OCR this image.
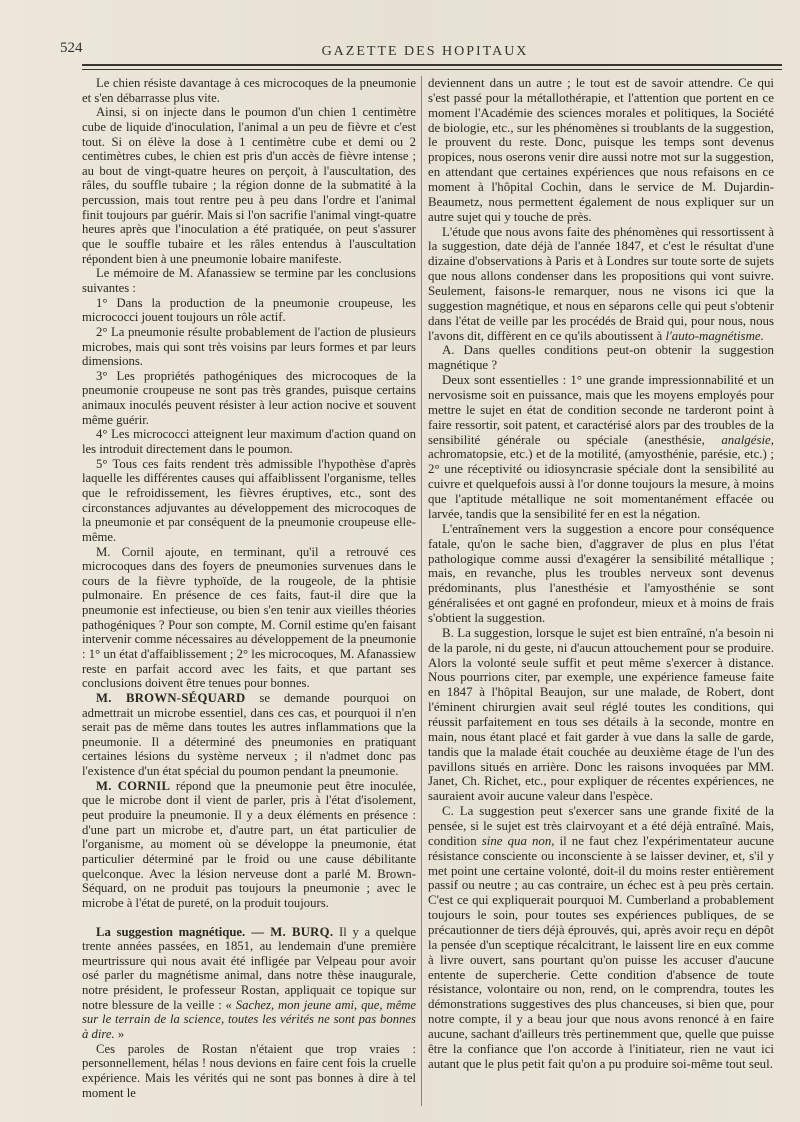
524	GAZETTE DES HOPITAUX

Le chien résiste davantage à ces microcoques de la pneumonie et s'en débarrasse plus vite.

Ainsi, si on injecte dans le poumon d'un chien 1 centimètre cube de liquide d'inoculation, l'animal a un peu de fièvre et c'est tout. Si on élève la dose à 1 centimètre cube et demi ou 2 centimètres cubes, le chien est pris d'un accès de fièvre intense ; au bout de vingt-quatre heures on perçoit, à l'auscultation, des râles, du souffle tubaire ; la région donne de la submatité à la percussion, mais tout rentre peu à peu dans l'ordre et l'animal finit toujours par guérir. Mais si l'on sacrifie l'animal vingt-quatre heures après que l'inoculation a été pratiquée, on peut s'assurer que le souffle tubaire et les râles entendus à l'auscultation répondent bien à une pneumonie lobaire manifeste.

Le mémoire de M. Afanassiew se termine par les conclusions suivantes :

1° Dans la production de la pneumonie croupeuse, les micrococci jouent toujours un rôle actif.

2° La pneumonie résulte probablement de l'action de plusieurs microbes, mais qui sont très voisins par leurs formes et par leurs dimensions.

3° Les propriétés pathogéniques des microcoques de la pneumonie croupeuse ne sont pas très grandes, puisque certains animaux inoculés peuvent résister à leur action nocive et souvent même guérir.

4° Les micrococci atteignent leur maximum d'action quand on les introduit directement dans le poumon.

5° Tous ces faits rendent très admissible l'hypothèse d'après laquelle les différentes causes qui affaiblissent l'organisme, telles que le refroidissement, les fièvres éruptives, etc., sont des circonstances adjuvantes au développement des microcoques de la pneumonie et par conséquent de la pneumonie croupeuse elle-même.

M. Cornil ajoute, en terminant, qu'il a retrouvé ces microcoques dans des foyers de pneumonies survenues dans le cours de la fièvre typhoïde, de la rougeole, de la phtisie pulmonaire. En présence de ces faits, faut-il dire que la pneumonie est infectieuse, ou bien s'en tenir aux vieilles théories pathogéniques ? Pour son compte, M. Cornil estime qu'en faisant intervenir comme nécessaires au développement de la pneumonie : 1° un état d'affaiblissement ; 2° les microcoques, M. Afanassiew reste en parfait accord avec les faits, et que partant ses conclusions doivent être tenues pour bonnes.

M. BROWN-SÉQUARD se demande pourquoi on admettrait un microbe essentiel, dans ces cas, et pourquoi il n'en serait pas de même dans toutes les autres inflammations que la pneumonie. Il a déterminé des pneumonies en pratiquant certaines lésions du système nerveux ; il n'admet donc pas l'existence d'un état spécial du poumon pendant la pneumonie.

M. CORNIL répond que la pneumonie peut être inoculée, que le microbe dont il vient de parler, pris à l'état d'isolement, peut produire la pneumonie. Il y a deux éléments en présence : d'une part un microbe et, d'autre part, un état particulier de l'organisme, au moment où se développe la pneumonie, état particulier déterminé par le froid ou une cause débilitante quelconque. Avec la lésion nerveuse dont a parlé M. Brown-Séquard, on ne produit pas toujours la pneumonie ; avec le microbe à l'état de pureté, on la produit toujours.

La suggestion magnétique. — M. BURQ. Il y a quelque trente années passées, en 1851, au lendemain d'une première meurtrissure qui nous avait été infligée par Velpeau pour avoir osé parler du magnétisme animal, dans notre thèse inaugurale, notre président, le professeur Rostan, appliquait ce topique sur notre blessure de la veille : « Sachez, mon jeune ami, que, même sur le terrain de la science, toutes les vérités ne sont pas bonnes à dire. »

Ces paroles de Rostan n'étaient que trop vraies : personnellement, hélas ! nous devions en faire cent fois la cruelle expérience. Mais les vérités qui ne sont pas bonnes à dire à tel moment le

deviennent dans un autre ; le tout est de savoir attendre. Ce qui s'est passé pour la métallothérapie, et l'attention que portent en ce moment l'Académie des sciences morales et politiques, la Société de biologie, etc., sur les phénomènes si troublants de la suggestion, le prouvent du reste. Donc, puisque les temps sont devenus propices, nous oserons venir dire aussi notre mot sur la suggestion, en attendant que certaines expériences que nous refaisons en ce moment à l'hôpital Cochin, dans le service de M. Dujardin-Beaumetz, nous permettent également de nous expliquer sur un autre sujet qui y touche de près.

L'étude que nous avons faite des phénomènes qui ressortissent à la suggestion, date déjà de l'année 1847, et c'est le résultat d'une dizaine d'observations à Paris et à Londres sur toute sorte de sujets que nous allons condenser dans les propositions qui vont suivre. Seulement, faisons-le remarquer, nous ne visons ici que la suggestion magnétique, et nous en séparons celle qui peut s'obtenir dans l'état de veille par les procédés de Braid qui, pour nous, nous l'avons dit, diffèrent en ce qu'ils aboutissent à l'auto-magnétisme.

A. Dans quelles conditions peut-on obtenir la suggestion magnétique ?

Deux sont essentielles : 1° une grande impressionnabilité et un nervosisme soit en puissance, mais que les moyens employés pour mettre le sujet en état de condition seconde ne tarderont point à faire ressortir, soit patent, et caractérisé alors par des troubles de la sensibilité générale ou spéciale (anesthésie, analgésie, achromatopsie, etc.) et de la motilité, (amyosthénie, parésie, etc.) ; 2° une réceptivité ou idiosyncrasie spéciale dont la sensibilité au cuivre et quelquefois aussi à l'or donne toujours la mesure, à moins que l'aptitude métallique ne soit momentanément effacée ou larvée, tandis que la sensibilité fer en est la négation.

L'entraînement vers la suggestion a encore pour conséquence fatale, qu'on le sache bien, d'aggraver de plus en plus l'état pathologique comme aussi d'exagérer la sensibilité métallique ; mais, en revanche, plus les troubles nerveux sont devenus prédominants, plus l'anesthésie et l'amyosthénie se sont généralisées et ont gagné en profondeur, mieux et à moins de frais s'obtient la suggestion.

B. La suggestion, lorsque le sujet est bien entraîné, n'a besoin ni de la parole, ni du geste, ni d'aucun attouchement pour se produire. Alors la volonté seule suffit et peut même s'exercer à distance. Nous pourrions citer, par exemple, une expérience fameuse faite en 1847 à l'hôpital Beaujon, sur une malade, de Robert, dont l'éminent chirurgien avait seul réglé toutes les conditions, qui réussit parfaitement en tous ses détails à la seconde, montre en main, nous étant placé et fait garder à vue dans la salle de garde, tandis que la malade était couchée au deuxième étage de l'un des pavillons situés en arrière. Donc les raisons invoquées par MM. Janet, Ch. Richet, etc., pour expliquer de récentes expériences, ne sauraient avoir aucune valeur dans l'espèce.

C. La suggestion peut s'exercer sans une grande fixité de la pensée, si le sujet est très clairvoyant et a été déjà entraîné. Mais, condition sine qua non, il ne faut chez l'expérimentateur aucune résistance consciente ou inconsciente à se laisser deviner, et, s'il y met point une certaine volonté, doit-il du moins rester entièrement passif ou neutre ; au cas contraire, un échec est à peu près certain. C'est ce qui expliquerait pourquoi M. Cumberland a probablement toujours le soin, pour toutes ses expériences publiques, de se précautionner de tiers déjà éprouvés, qui, après avoir reçu en dépôt la pensée d'un sceptique récalcitrant, le laissent lire en eux comme à livre ouvert, sans pourtant qu'on puisse les accuser d'aucune entente de supercherie. Cette condition d'absence de toute résistance, volontaire ou non, rend, on le comprendra, toutes les démonstrations suggestives des plus chanceuses, si bien que, pour notre compte, il y a beau jour que nous avons renoncé à en faire aucune, sachant d'ailleurs très pertinemment que, quelle que puisse être la confiance que l'on accorde à l'initiateur, rien ne vaut ici autant que le plus petit fait qu'on a pu produire soi-même tout seul.
